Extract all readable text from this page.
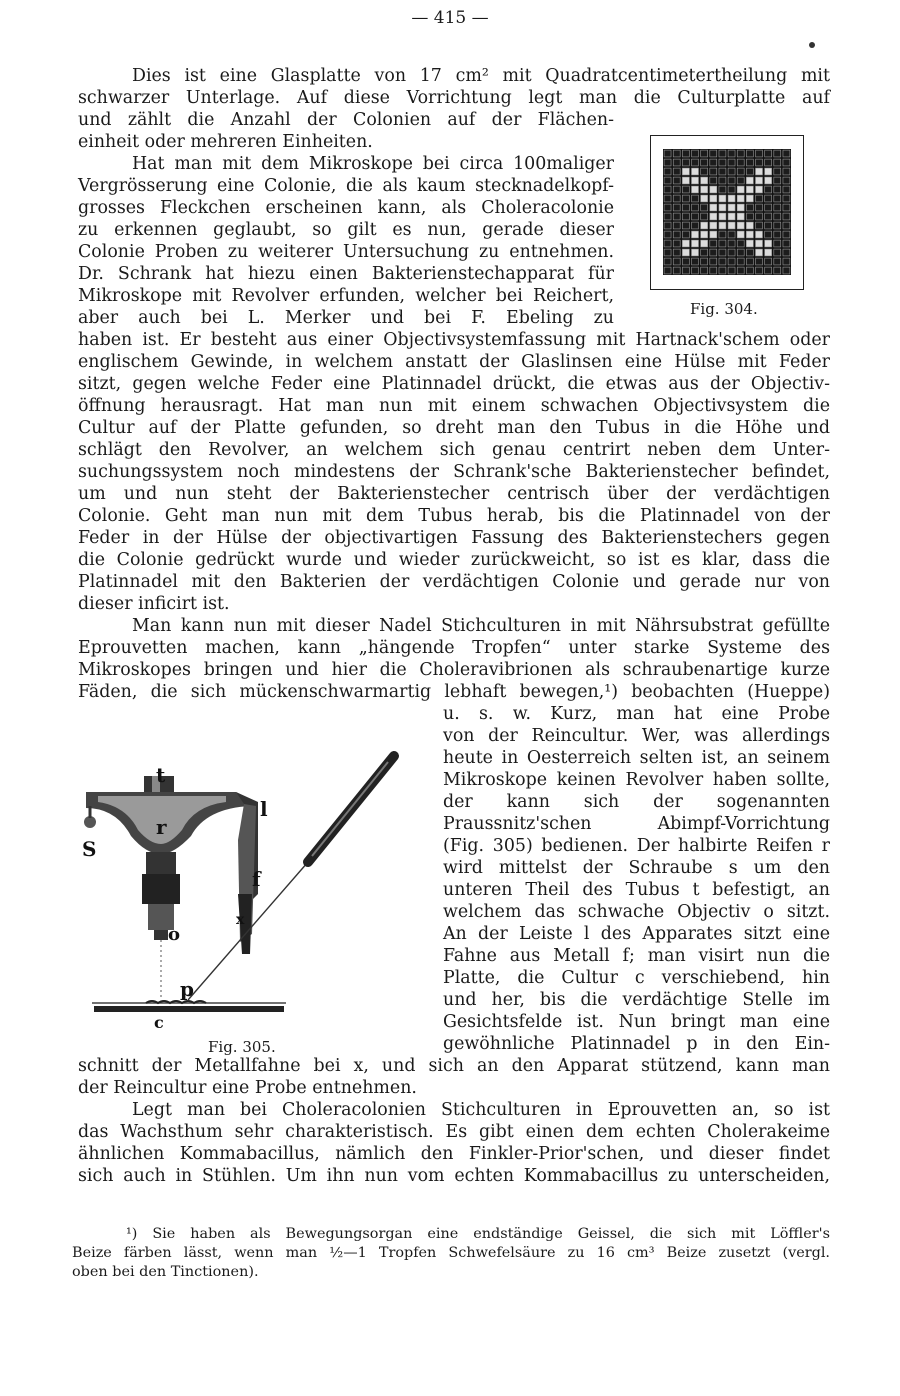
— 415 —
Fig. 304.
t
r
S
l
f
x
o
p
c
Fig. 305.
Dies ist eine Glasplatte von 17 cm² mit Quadratcentimetertheilung mit
schwarzer Unterlage. Auf diese Vorrichtung legt man die Culturplatte auf
und zählt die Anzahl der Colonien auf der Flächen-
einheit oder mehreren Einheiten.
Hat man mit dem Mikroskope bei circa 100maliger
Vergrösserung eine Colonie, die als kaum stecknadelkopf-
grosses Fleckchen erscheinen kann, als Choleracolonie
zu erkennen geglaubt, so gilt es nun, gerade dieser
Colonie Proben zu weiterer Untersuchung zu entnehmen.
Dr. Schrank hat hiezu einen Bakterienstechapparat für
Mikroskope mit Revolver erfunden, welcher bei Reichert,
aber auch bei L. Merker und bei F. Ebeling zu
haben ist. Er besteht aus einer Objectivsystemfassung mit Hartnack'schem oder
englischem Gewinde, in welchem anstatt der Glaslinsen eine Hülse mit Feder
sitzt, gegen welche Feder eine Platinnadel drückt, die etwas aus der Objectiv-
öffnung herausragt. Hat man nun mit einem schwachen Objectivsystem die
Cultur auf der Platte gefunden, so dreht man den Tubus in die Höhe und
schlägt den Revolver, an welchem sich genau centrirt neben dem Unter-
suchungssystem noch mindestens der Schrank'sche Bakterienstecher befindet,
um und nun steht der Bakterienstecher centrisch über der verdächtigen
Colonie. Geht man nun mit dem Tubus herab, bis die Platinnadel von der
Feder in der Hülse der objectivartigen Fassung des Bakterienstechers gegen
die Colonie gedrückt wurde und wieder zurückweicht, so ist es klar, dass die
Platinnadel mit den Bakterien der verdächtigen Colonie und gerade nur von
dieser inficirt ist.
Man kann nun mit dieser Nadel Stichculturen in mit Nährsubstrat gefüllte
Eprouvetten machen, kann „hängende Tropfen“ unter starke Systeme des
Mikroskopes bringen und hier die Choleravibrionen als schraubenartige kurze
Fäden, die sich mückenschwarmartig lebhaft bewegen,¹) beobachten (Hueppe)
u. s. w. Kurz, man hat eine Probe
von der Reincultur. Wer, was allerdings
heute in Oesterreich selten ist, an seinem
Mikroskope keinen Revolver haben sollte,
der kann sich der sogenannten
Praussnitz'schen Abimpf-Vorrichtung
(Fig. 305) bedienen. Der halbirte Reifen r
wird mittelst der Schraube s um den
unteren Theil des Tubus t befestigt, an
welchem das schwache Objectiv o sitzt.
An der Leiste l des Apparates sitzt eine
Fahne aus Metall f; man visirt nun die
Platte, die Cultur c verschiebend, hin
und her, bis die verdächtige Stelle im
Gesichtsfelde ist. Nun bringt man eine
gewöhnliche Platinnadel p in den Ein-
schnitt der Metallfahne bei x, und sich an den Apparat stützend, kann man
der Reincultur eine Probe entnehmen.
Legt man bei Choleracolonien Stichculturen in Eprouvetten an, so ist
das Wachsthum sehr charakteristisch. Es gibt einen dem echten Cholerakeime
ähnlichen Kommabacillus, nämlich den Finkler-Prior'schen, und dieser findet
sich auch in Stühlen. Um ihn nun vom echten Kommabacillus zu unterscheiden,
¹) Sie haben als Bewegungsorgan eine endständige Geissel, die sich mit Löffler's
Beize färben lässt, wenn man ½—1 Tropfen Schwefelsäure zu 16 cm³ Beize zusetzt (vergl.
oben bei den Tinctionen).
